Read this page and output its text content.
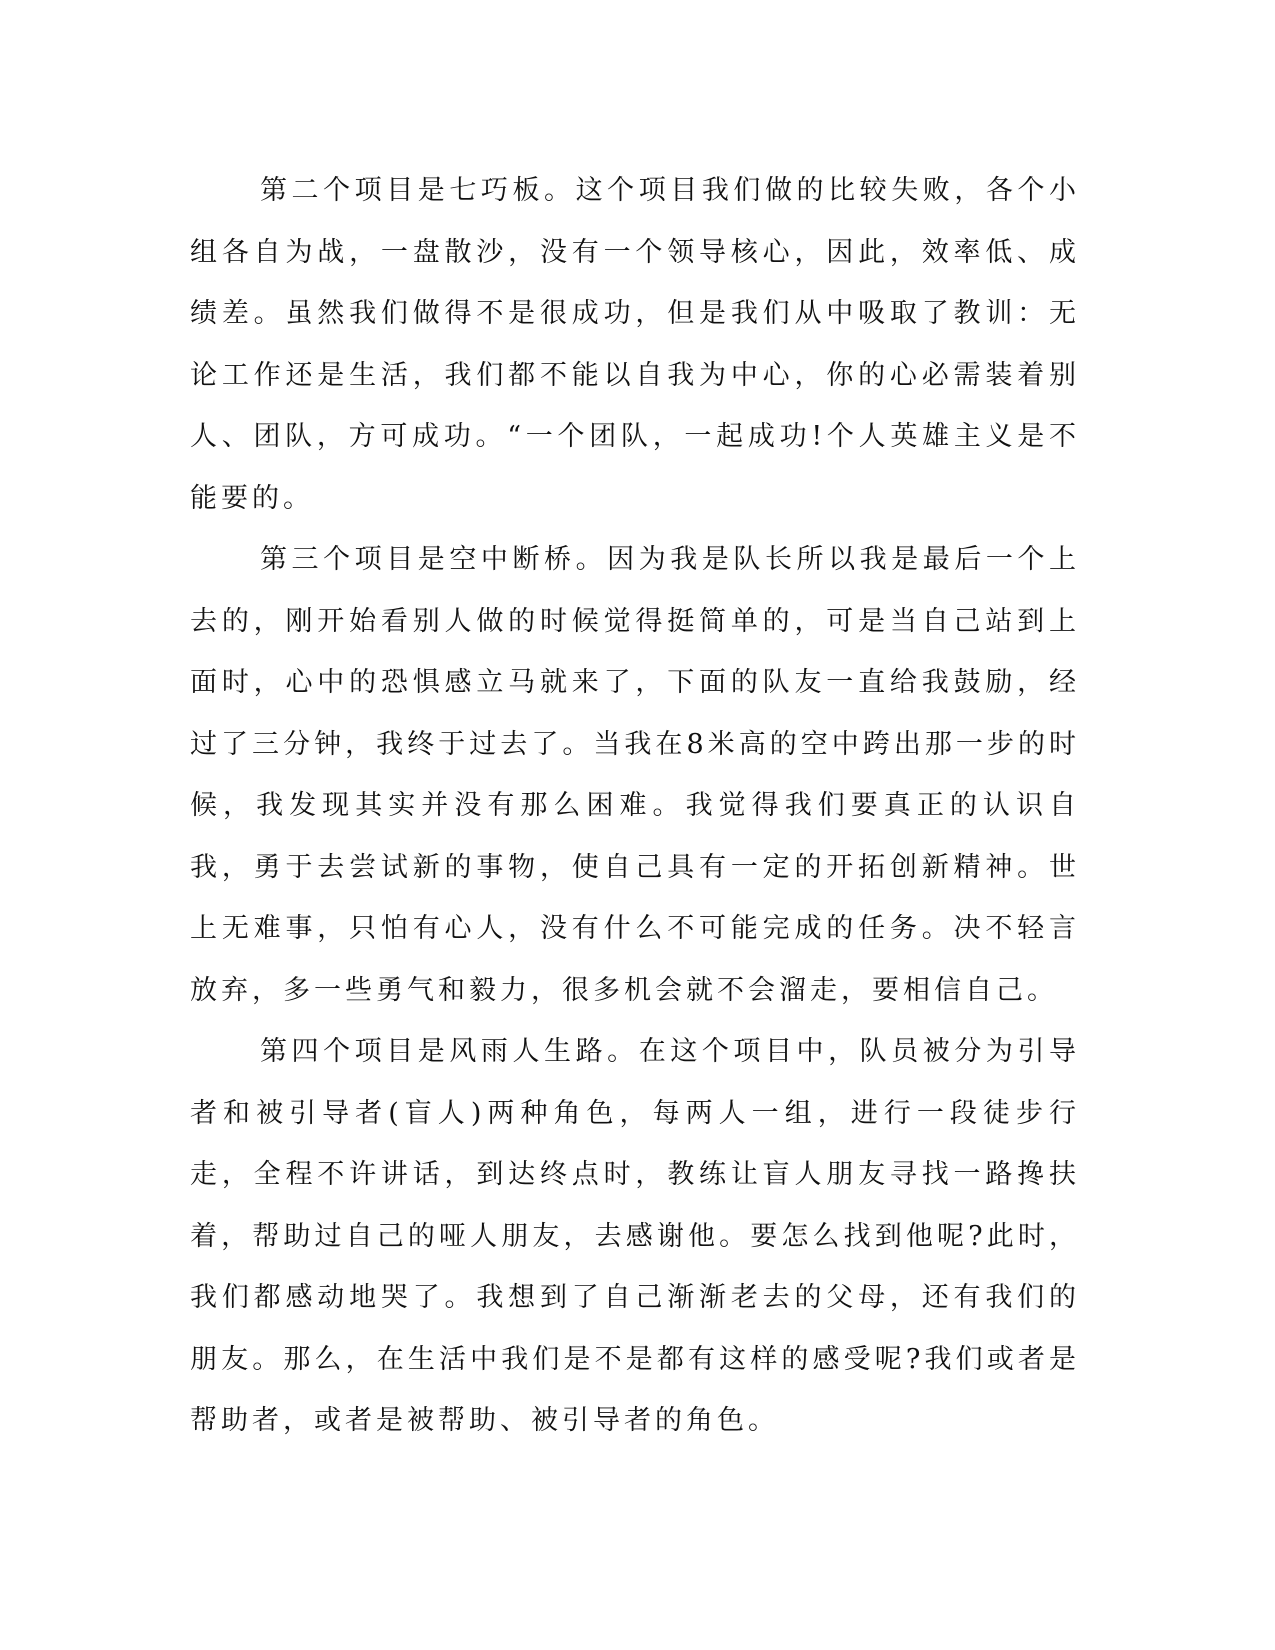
第二个项目是七巧板。这个项目我们做的比较失败，各个小组各自为战，一盘散沙，没有一个领导核心，因此，效率低、成绩差。虽然我们做得不是很成功，但是我们从中吸取了教训：无论工作还是生活，我们都不能以自我为中心，你的心必需装着别人、团队，方可成功。“一个团队，一起成功!个人英雄主义是不能要的。

第三个项目是空中断桥。因为我是队长所以我是最后一个上去的，刚开始看别人做的时候觉得挺简单的，可是当自己站到上面时，心中的恐惧感立马就来了，下面的队友一直给我鼓励，经过了三分钟，我终于过去了。当我在8米高的空中跨出那一步的时候，我发现其实并没有那么困难。我觉得我们要真正的认识自我，勇于去尝试新的事物，使自己具有一定的开拓创新精神。世上无难事，只怕有心人，没有什么不可能完成的任务。决不轻言放弃，多一些勇气和毅力，很多机会就不会溜走，要相信自己。

第四个项目是风雨人生路。在这个项目中，队员被分为引导者和被引导者(盲人)两种角色，每两人一组，进行一段徒步行走，全程不许讲话，到达终点时，教练让盲人朋友寻找一路搀扶着，帮助过自己的哑人朋友，去感谢他。要怎么找到他呢?此时，我们都感动地哭了。我想到了自己渐渐老去的父母，还有我们的朋友。那么，在生活中我们是不是都有这样的感受呢?我们或者是帮助者，或者是被帮助、被引导者的角色。
